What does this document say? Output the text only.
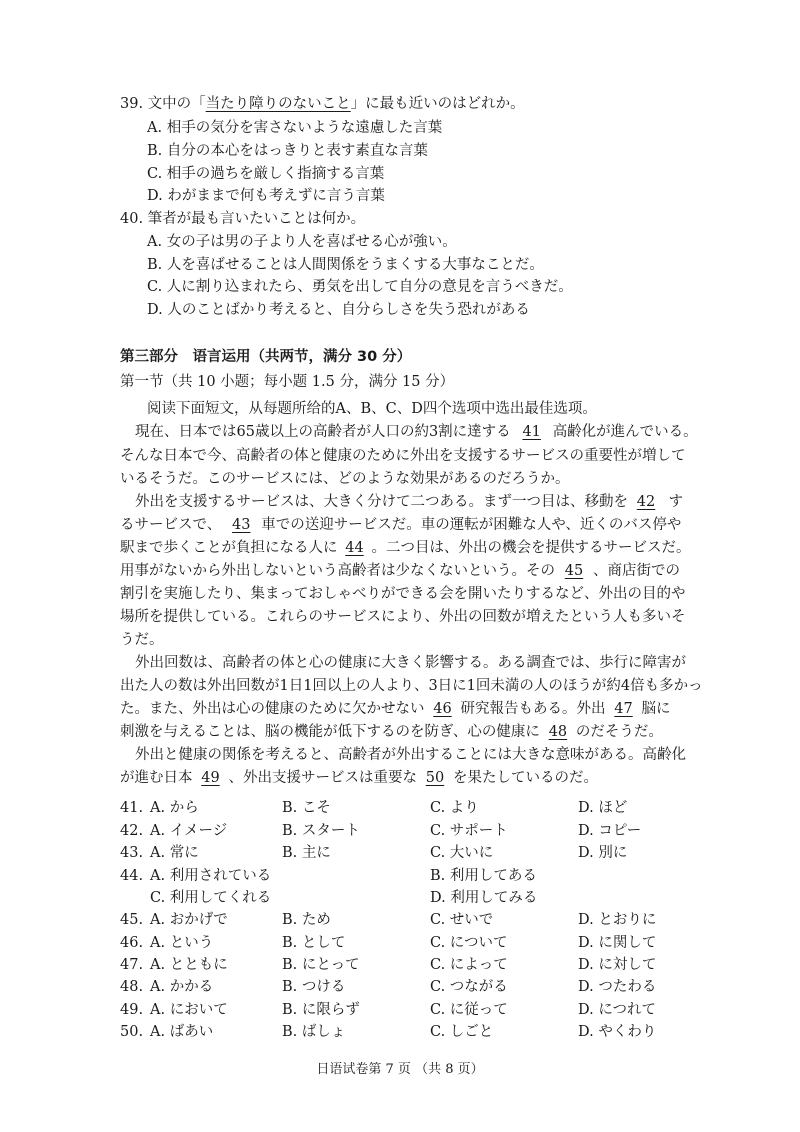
39. 文中の「当たり障りのないこと」に最も近いのはどれか。
A. 相手の気分を害さないような遠慮した言葉
B. 自分の本心をはっきりと表す素直な言葉
C. 相手の過ちを厳しく指摘する言葉
D. わがままで何も考えずに言う言葉
40. 筆者が最も言いたいことは何か。
A. 女の子は男の子より人を喜ばせる心が強い。
B. 人を喜ばせることは人間関係をうまくする大事なことだ。
C. 人に割り込まれたら、勇気を出して自分の意見を言うべきだ。
D. 人のことばかり考えると、自分らしさを失う恐れがある
第三部分　语言运用（共两节，满分 30 分）
第一节（共 10 小题；每小题 1.5 分，满分 15 分）
阅读下面短文，从每题所给的A、B、C、D四个选项中选出最佳选项。
現在、日本では65歳以上の高齢者が人口の約3割に達する 41 高齢化が進んでいる。
そんな日本で今、高齢者の体と健康のために外出を支援するサービスの重要性が増して
いるそうだ。このサービスには、どのような効果があるのだろうか。
外出を支援するサービスは、大きく分けて二つある。まず一つ目は、移動を 42 す
るサービスで、 43 車での送迎サービスだ。車の運転が困難な人や、近くのバス停や
駅まで歩くことが負担になる人に 44 。二つ目は、外出の機会を提供するサービスだ。
用事がないから外出しないという高齢者は少なくないという。その 45 、商店街での
割引を実施したり、集まっておしゃべりができる会を開いたりするなど、外出の目的や
場所を提供している。これらのサービスにより、外出の回数が増えたという人も多いそ
うだ。
外出回数は、高齢者の体と心の健康に大きく影響する。ある調査では、歩行に障害が
出た人の数は外出回数が1日1回以上の人より、3日に1回未満の人のほうが約4倍も多かっ
た。また、外出は心の健康のために欠かせない 46 研究報告もある。外出 47 脳に
刺激を与えることは、脳の機能が低下するのを防ぎ、心の健康に 48 のだそうだ。
外出と健康の関係を考えると、高齢者が外出することには大きな意味がある。高齢化
が進む日本 49 、外出支援サービスは重要な 50 を果たしているのだ。
41. A. から	B. こそ	C. より	D. ほど
42. A. イメージ	B. スタート	C. サポート	D. コピー
43. A. 常に	B. 主に	C. 大いに	D. 別に
44. A. 利用されている	B. 利用してある
C. 利用してくれる	D. 利用してみる
45. A. おかげで	B. ため	C. せいで	D. とおりに
46. A. という	B. として	C. について	D. に関して
47. A. とともに	B. にとって	C. によって	D. に対して
48. A. かかる	B. つける	C. つながる	D. つたわる
49. A. において	B. に限らず	C. に従って	D. につれて
50. A. ばあい	B. ばしょ	C. しごと	D. やくわり
日语试卷第 7 页 （共 8 页）
